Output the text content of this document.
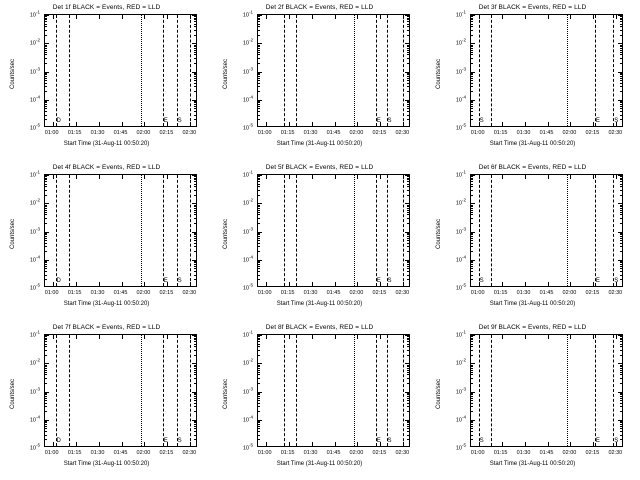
Det 1f BLACK = Events, RED = LLD
Counts/sec
Start Time (31-Aug-11 00:50:20)
$10^{-5}$
$10^{-4}$
$10^{-3}$
$10^{-2}$
$10^{-1}$
01:00 01:15 01:30 01:45 02:00 02:15 02:30
D	E S
Det 2f BLACK = Events, RED = LLD
Counts/sec
Start Time (31-Aug-11 00:50:20)
$10^{-5}$
$10^{-4}$
$10^{-3}$
$10^{-2}$
$10^{-1}$
01:00 01:15 01:30 01:45 02:00 02:15 02:30
E S
Det 3f BLACK = Events, RED = LLD
Counts/sec
Start Time (31-Aug-11 00:50:20)
$10^{-5}$
$10^{-4}$
$10^{-3}$
$10^{-2}$
$10^{-1}$
01:00 01:15 01:30 01:45 02:00 02:15 02:30
S	E S
Det 4f BLACK = Events, RED = LLD
Counts/sec
Start Time (31-Aug-11 00:50:20)
$10^{-5}$
$10^{-4}$
$10^{-3}$
$10^{-2}$
$10^{-1}$
01:00 01:15 01:30 01:45 02:00 02:15 02:30
D	E S
Det 5f BLACK = Events, RED = LLD
Counts/sec
Start Time (31-Aug-11 00:50:20)
$10^{-5}$
$10^{-4}$
$10^{-3}$
$10^{-2}$
$10^{-1}$
01:00 01:15 01:30 01:45 02:00 02:15 02:30
E S
Det 6f BLACK = Events, RED = LLD
Counts/sec
Start Time (31-Aug-11 00:50:20)
$10^{-5}$
$10^{-4}$
$10^{-3}$
$10^{-2}$
$10^{-1}$
01:00 01:15 01:30 01:45 02:00 02:15 02:30
S	E S
Det 7f BLACK = Events, RED = LLD
Counts/sec
Start Time (31-Aug-11 00:50:20)
$10^{-5}$
$10^{-4}$
$10^{-3}$
$10^{-2}$
$10^{-1}$
01:00 01:15 01:30 01:45 02:00 02:15 02:30
D	E S
Det 8f BLACK = Events, RED = LLD
Counts/sec
Start Time (31-Aug-11 00:50:20)
$10^{-5}$
$10^{-4}$
$10^{-3}$
$10^{-2}$
$10^{-1}$
01:00 01:15 01:30 01:45 02:00 02:15 02:30
E S
Det 9f BLACK = Events, RED = LLD
Counts/sec
Start Time (31-Aug-11 00:50:20)
$10^{-5}$
$10^{-4}$
$10^{-3}$
$10^{-2}$
$10^{-1}$
01:00 01:15 01:30 01:45 02:00 02:15 02:30
S	E S
